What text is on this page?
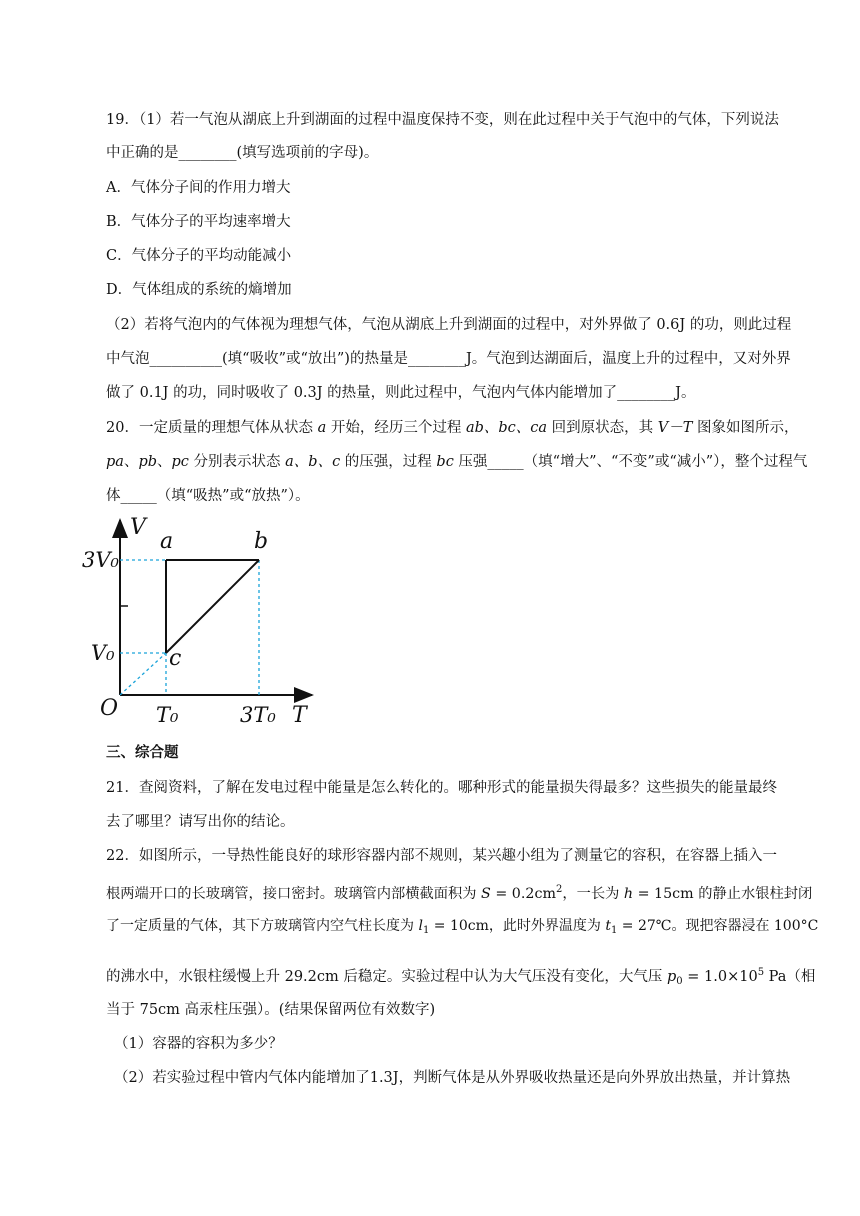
19．（1）若一气泡从湖底上升到湖面的过程中温度保持不变，则在此过程中关于气泡中的气体，下列说法
中正确的是________(填写选项前的字母)。
A．气体分子间的作用力增大
B．气体分子的平均速率增大
C．气体分子的平均动能减小
D．气体组成的系统的熵增加
（2）若将气泡内的气体视为理想气体，气泡从湖底上升到湖面的过程中，对外界做了 0.6J 的功，则此过程
中气泡__________(填“吸收”或“放出”)的热量是________J。气泡到达湖面后，温度上升的过程中，又对外界
做了 0.1J 的功，同时吸收了 0.3J 的热量，则此过程中，气泡内气体内能增加了________J。
20．一定质量的理想气体从状态 a 开始，经历三个过程 ab、bc、ca 回到原状态，其 V－T 图象如图所示，
pa、pb、pc 分别表示状态 a、b、c 的压强，过程 bc 压强_____（填“增大”、“不变”或“减小”），整个过程气
体_____（填“吸热”或“放热”）。
V
T
O
a	b
c
3V₀
V₀
T₀	3T₀
三、综合题
21．查阅资料，了解在发电过程中能量是怎么转化的。哪种形式的能量损失得最多？这些损失的能量最终
去了哪里？请写出你的结论。
22．如图所示，一导热性能良好的球形容器内部不规则，某兴趣小组为了测量它的容积，在容器上插入一
根两端开口的长玻璃管，接口密封。玻璃管内部横截面积为 $S = 0.2cm^2$，一长为 h = 15cm 的静止水银柱封闭
了一定质量的气体，其下方玻璃管内空气柱长度为 $l_1 = 10cm$，此时外界温度为 $t_1$ = 27℃。现把容器浸在 100°C
的沸水中，水银柱缓慢上升 29.2cm 后稳定。实验过程中认为大气压没有变化，大气压 $p_0 = 1.0\times 10^5$ Pa（相
当于 75cm 高汞柱压强）。(结果保留两位有效数字)
（1）容器的容积为多少？
（2）若实验过程中管内气体内能增加了1.3J，判断气体是从外界吸收热量还是向外界放出热量，并计算热
